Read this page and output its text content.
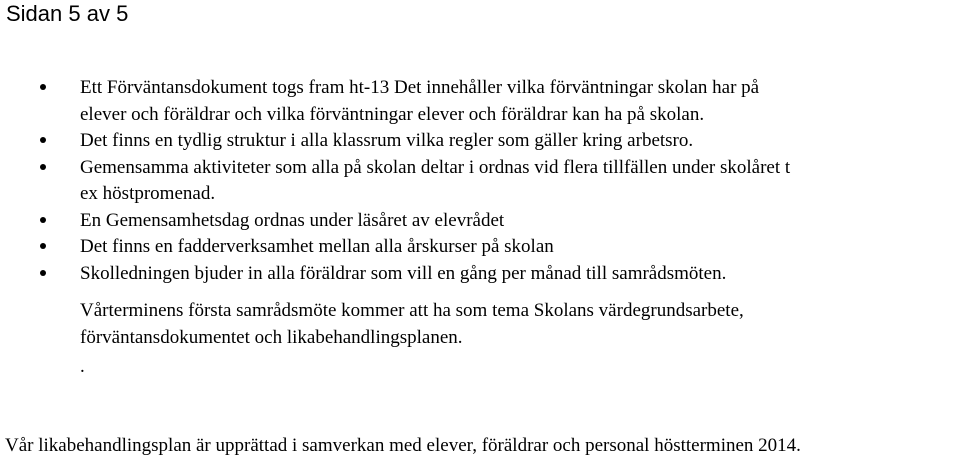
Sidan 5 av 5
Ett Förväntansdokument togs fram ht-13 Det innehåller vilka förväntningar skolan har på
elever och föräldrar och vilka förväntningar elever och föräldrar kan ha på skolan.
Det finns en tydlig struktur i alla klassrum vilka regler som gäller kring arbetsro.
Gemensamma aktiviteter som alla på skolan deltar i ordnas vid flera tillfällen under skolåret t
ex höstpromenad.
En Gemensamhetsdag ordnas under läsåret av elevrådet
Det finns en fadderverksamhet mellan alla årskurser på skolan
Skolledningen bjuder in alla föräldrar som vill en gång per månad till samrådsmöten.
Vårterminens första samrådsmöte kommer att ha som tema Skolans värdegrundsarbete,
förväntansdokumentet och likabehandlingsplanen.
.
Vår likabehandlingsplan är upprättad i samverkan med elever, föräldrar och personal höstterminen 2014.
